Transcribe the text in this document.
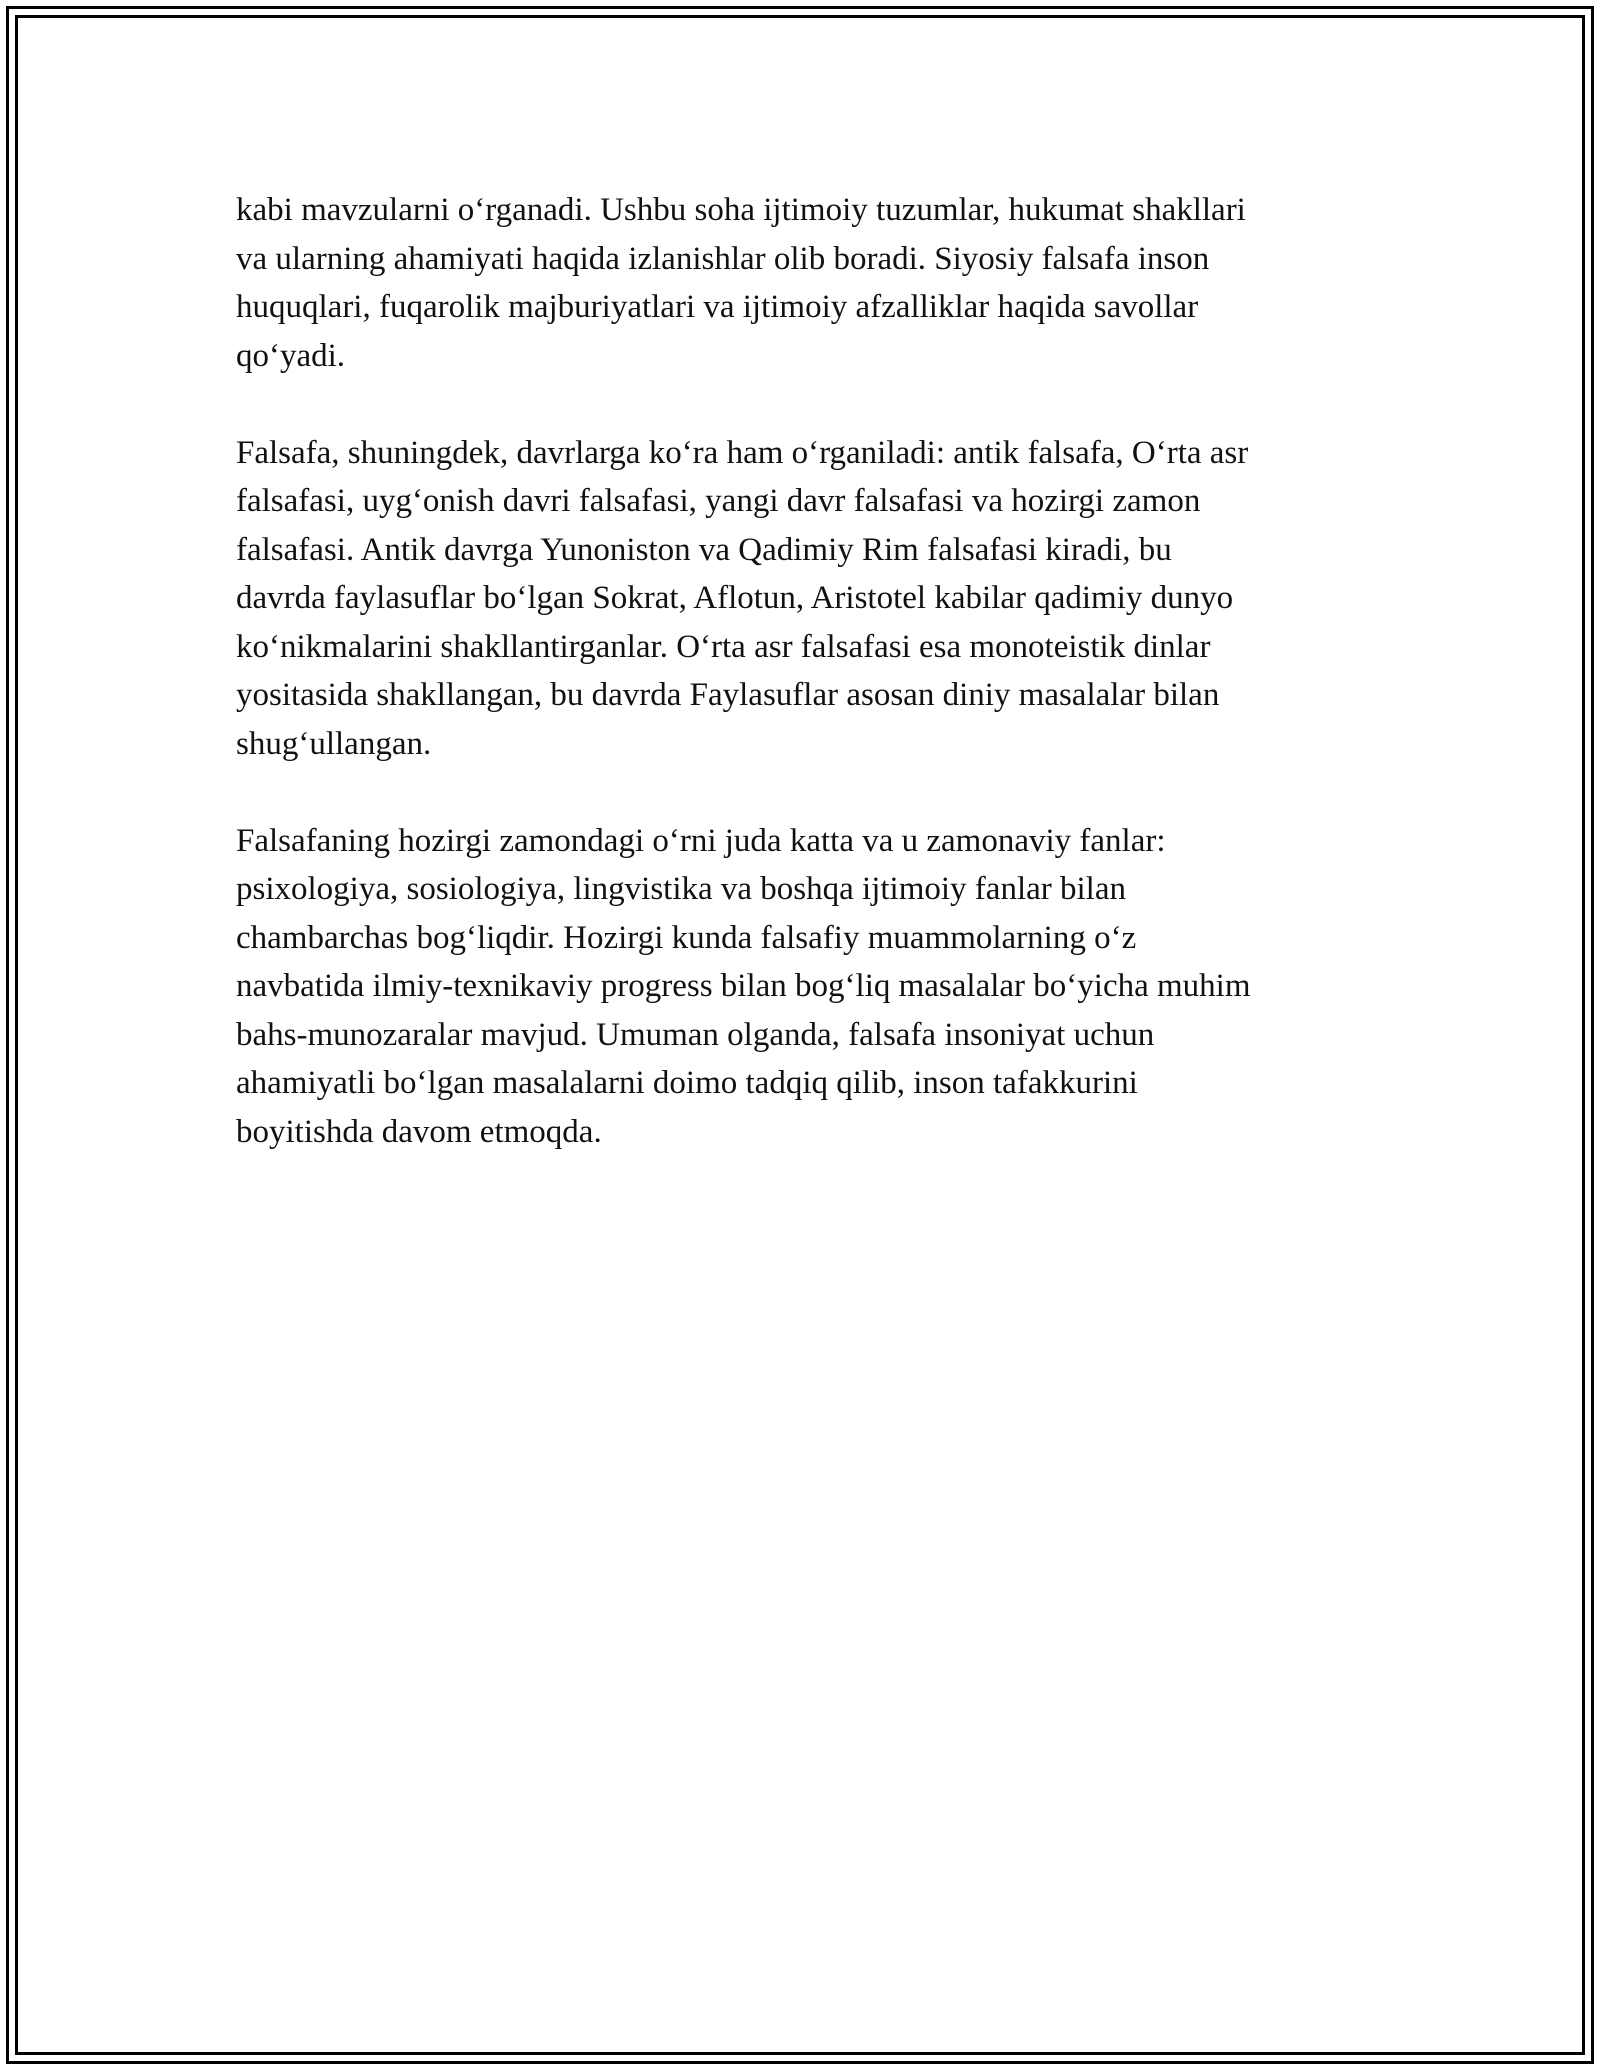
kabi mavzularni o‘rganadi. Ushbu soha ijtimoiy tuzumlar, hukumat shakllari
va ularning ahamiyati haqida izlanishlar olib boradi. Siyosiy falsafa inson
huquqlari, fuqarolik majburiyatlari va ijtimoiy afzalliklar haqida savollar
qo‘yadi.
Falsafa, shuningdek, davrlarga ko‘ra ham o‘rganiladi: antik falsafa, O‘rta asr
falsafasi, uyg‘onish davri falsafasi, yangi davr falsafasi va hozirgi zamon
falsafasi. Antik davrga Yunoniston va Qadimiy Rim falsafasi kiradi, bu
davrda faylasuflar bo‘lgan Sokrat, Aflotun, Aristotel kabilar qadimiy dunyo
ko‘nikmalarini shakllantirganlar. O‘rta asr falsafasi esa monoteistik dinlar
yositasida shakllangan, bu davrda Faylasuflar asosan diniy masalalar bilan
shug‘ullangan.
Falsafaning hozirgi zamondagi o‘rni juda katta va u zamonaviy fanlar:
psixologiya, sosiologiya, lingvistika va boshqa ijtimoiy fanlar bilan
chambarchas bog‘liqdir. Hozirgi kunda falsafiy muammolarning o‘z
navbatida ilmiy-texnikaviy progress bilan bog‘liq masalalar bo‘yicha muhim
bahs-munozaralar mavjud. Umuman olganda, falsafa insoniyat uchun
ahamiyatli bo‘lgan masalalarni doimo tadqiq qilib, inson tafakkurini
boyitishda davom etmoqda.
